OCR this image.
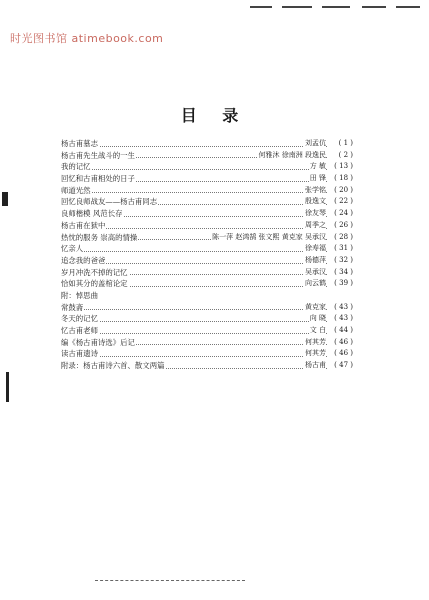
时光图书馆 atimebook.com
目 录
杨古甫墓志	刘孟伉	( 1 )
杨古甫先生战斗的一生	何雅沐 徐南洲 段逸民	( 2 )
我的记忆	方 敏	( 13 )
回忆和古甫相处的日子	田 锋	( 18 )
师道光然	张学铭	( 20 )
回忆良师战友——杨古甫同志	殷逸文	( 22 )
良师楷模 风范长存	徐友琴	( 24 )
杨古甫在狱中	周季之	( 26 )
热忱的服务 崇高的情操	陈一萍 赵鸿鹄 张文熙 黄克家 吴承汉	( 28 )
忆亲人	徐寿福	( 31 )
追念我的爸爸	杨德萍	( 32 )
岁月冲洗不掉的记忆	吴承汉	( 34 )
恰如其分的盖棺论定	向云鹤	( 39 )
附：悼思曲
常鼓斋	黄克家	( 43 )
冬天的记忆	向 晓	( 43 )
忆古甫老师	文 白	( 44 )
编《杨古甫诗选》后记	何其芳	( 46 )
读古甫遗诗	何其芳	( 46 )
附录：杨古甫诗六首、散文两篇	杨古甫	( 47 )
